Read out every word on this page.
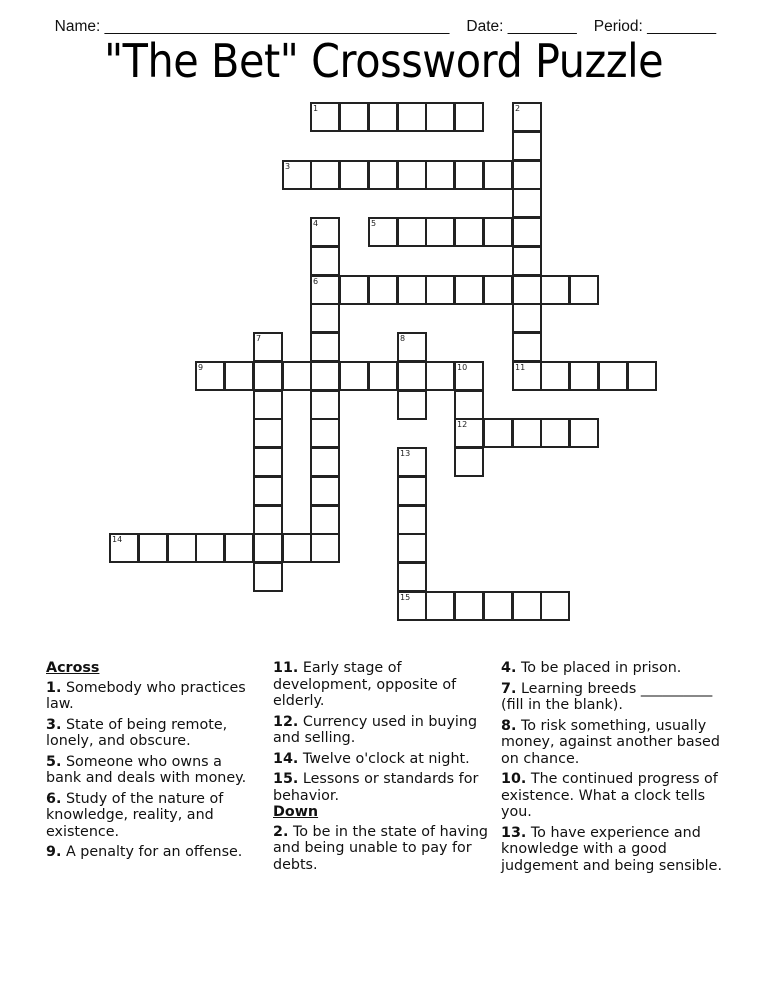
Name: ________________________________________ Date: ________ Period: ________

"The Bet" Crossword Puzzle
1	2
11
3
4
6
5
7	8
9	10
12
13
15
14
Across
1. Somebody who practices law.
3. State of being remote, lonely, and obscure.
5. Someone who owns a bank and deals with money.
6. Study of the nature of knowledge, reality, and existence.
9. A penalty for an offense.
11. Early stage of development, opposite of elderly.
12. Currency used in buying and selling.
14. Twelve o'clock at night.
15. Lessons or standards for behavior.
Down
2. To be in the state of having and being unable to pay for debts.
4. To be placed in prison.
7. Learning breeds __________ (fill in the blank).
8. To risk something, usually money, against another based on chance.
10. The continued progress of existence. What a clock tells you.
13. To have experience and knowledge with a good judgement and being sensible.
